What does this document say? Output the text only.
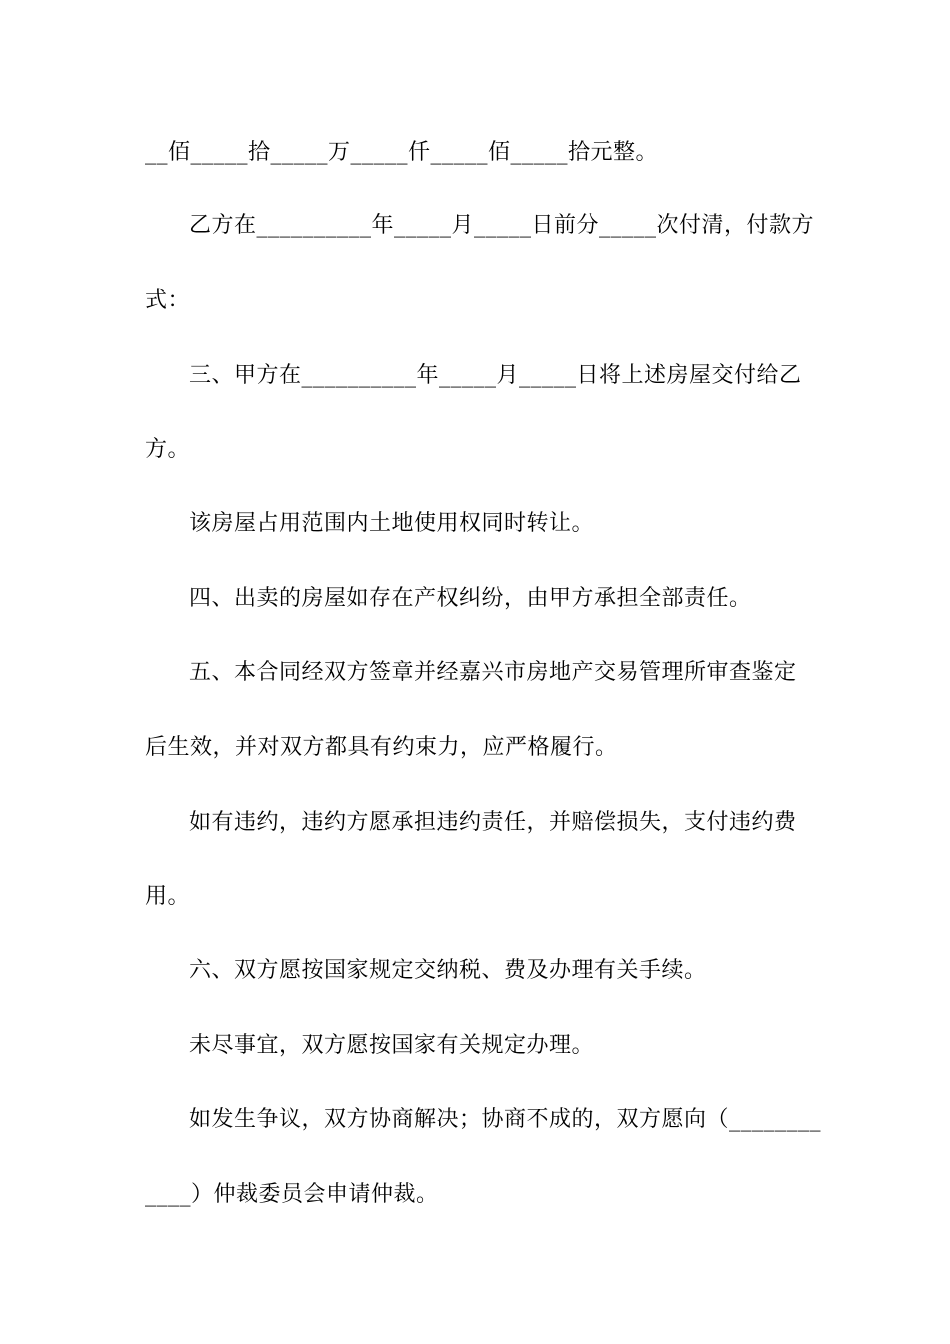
__佰_____拾_____万_____仟_____佰_____拾元整。
乙方在__________年_____月_____日前分_____次付清，付款方
式：
三、甲方在__________年_____月_____日将上述房屋交付给乙
方。
该房屋占用范围内土地使用权同时转让。
四、出卖的房屋如存在产权纠纷，由甲方承担全部责任。
五、本合同经双方签章并经嘉兴市房地产交易管理所审查鉴定
后生效，并对双方都具有约束力，应严格履行。
如有违约，违约方愿承担违约责任，并赔偿损失，支付违约费
用。
六、双方愿按国家规定交纳税、费及办理有关手续。
未尽事宜，双方愿按国家有关规定办理。
如发生争议，双方协商解决；协商不成的，双方愿向（________
____）仲裁委员会申请仲裁。
